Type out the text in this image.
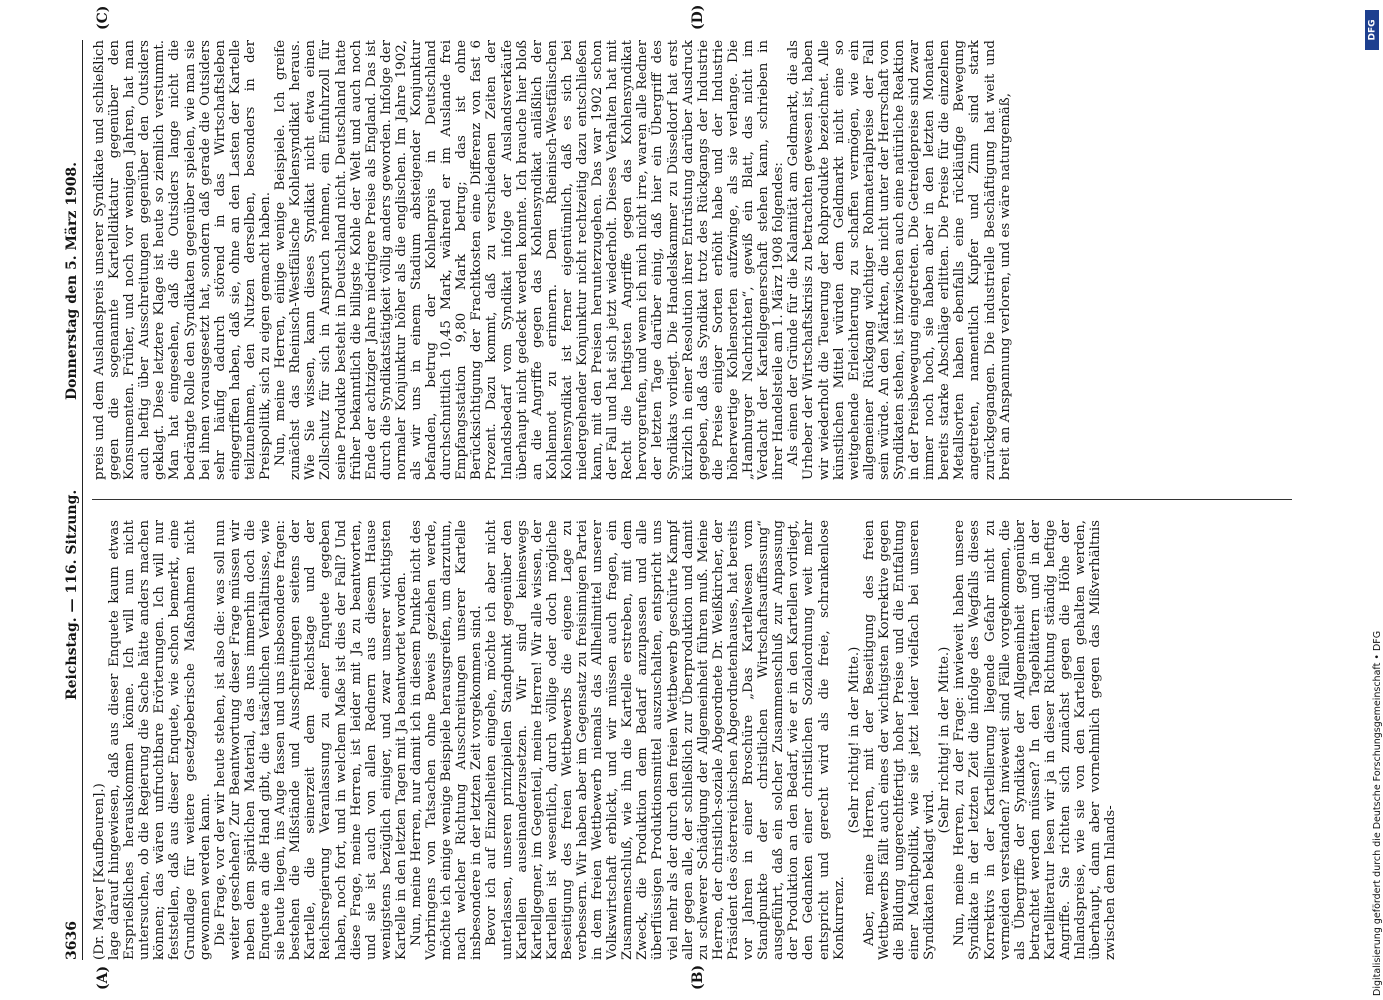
3636
Reichstag. — 116. Sitzung.
Donnerstag den 5. März 1908.
(A)	(B)
(C)	(D)

(Dr. Mayer [Kaufbeuren].) lage darauf hingewiesen, daß aus dieser Enquete kaum etwas Ersprießliches herauskommen könne. Ich will nun nicht untersuchen, ob die Regierung die Sache hätte anders machen können; das wären unfruchtbare Erörterungen. Ich will nur feststellen, daß aus dieser Enquete, wie schon bemerkt, eine Grundlage für weitere gesetzgeberische Maßnahmen nicht gewonnen werden kann. Die Frage, vor der wir heute stehen, ist also die: was soll nun weiter geschehen? Zur Beantwortung dieser Frage müssen wir neben dem spärlichen Material, das uns immerhin doch die Enquete an die Hand gibt, die tatsächlichen Verhältnisse, wie sie heute liegen, ins Auge fassen und uns insbesondere fragen: bestehen die Mißstände und Ausschreitungen seitens der Kartelle, die seinerzeit dem Reichstage und der Reichsregierung Veranlassung zu einer Enquete gegeben haben, noch fort, und in welchem Maße ist dies der Fall? Und diese Frage, meine Herren, ist leider mit Ja zu beantworten, und sie ist auch von allen Rednern aus diesem Hause wenigstens bezüglich einiger, und zwar unserer wichtigsten Kartelle in den letzten Tagen mit Ja beantwortet worden. Nun, meine Herren, nur damit ich in diesem Punkte nicht des Vorbringens von Tatsachen ohne Beweis geziehen werde, möchte ich einige wenige Beispiele herausgreifen, um darzutun, nach welcher Richtung Ausschreitungen unserer Kartelle insbesondere in der letzten Zeit vorgekommen sind. Bevor ich auf Einzelheiten eingehe, möchte ich aber nicht unterlassen, unseren prinzipiellen Standpunkt gegenüber den Kartellen auseinanderzusetzen. Wir sind keineswegs Kartellgegner, im Gegenteil, meine Herren! Wir alle wissen, der Kartellen ist wesentlich, durch völlige oder doch mögliche Beseitigung des freien Wettbewerbs die eigene Lage zu verbessern. Wir haben aber im Gegensatz zu freisinnigen Partei in dem freien Wettbewerb niemals das Allheilmittel unserer Volkswirtschaft erblickt, und wir müssen auch fragen, ein Zusammenschluß, wie ihn die Kartelle erstreben, mit dem Zweck, die Produktion dem Bedarf anzupassen und alle überflüssigen Produktionsmittel auszuschalten, entspricht uns viel mehr als der durch den freien Wettbewerb geschürte Kampf aller gegen alle, der schließlich zur Überproduktion und damit zu schwerer Schädigung der Allgemeinheit führen muß. Meine Herren, der christlich-soziale Abgeordnete Dr. Weißkircher, der Präsident des österreichischen Abgeordnetenhauses, hat bereits vor Jahren in einer Broschüre „Das Kartellwesen vom Standpunkte der christlichen Wirtschaftsauffassung“ ausgeführt, daß ein solcher Zusammenschluß zur Anpassung der Produktion an den Bedarf, wie er in den Kartellen vorliegt, den Gedanken einer christlichen Sozialordnung weit mehr entspricht und gerecht wird als die freie, schrankenlose Konkurrenz.

(Sehr richtig! in der Mitte.) Aber, meine Herren, mit der Beseitigung des freien Wettbewerbs fällt auch eines der wichtigsten Korrektive gegen die Bildung ungerechtfertigt hoher Preise und die Entfaltung einer Machtpolitik, wie sie jetzt leider vielfach bei unseren Syndikaten beklagt wird.

(Sehr richtig! in der Mitte.) Nun, meine Herren, zu der Frage: inwieweit haben unsere Syndikate in der letzten Zeit die infolge des Wegfalls dieses Korrektivs in der Kartellierung liegende Gefahr nicht zu vermeiden verstanden? inwieweit sind Fälle vorgekommen, die als Übergriffe der Syndikate der Allgemeinheit gegenüber betrachtet werden müssen? In den Tageblättern und in der Kartelliteratur lesen wir ja in dieser Richtung ständig heftige Angriffe. Sie richten sich zunächst gegen die Höhe der Inlandspreise, wie sie von den Kartellen gehalten werden, überhaupt, dann aber vornehmlich gegen das Mißverhältnis zwischen dem Inlands-

preis und dem Auslandspreis unserer Syndikate und schließlich gegen die sogenannte Kartelldiktatur gegenüber den Konsumenten. Früher, und noch vor wenigen Jahren, hat man auch heftig über Ausschreitungen gegenüber den Outsiders geklagt. Diese letztere Klage ist heute so ziemlich verstummt. Man hat eingesehen, daß die Outsiders lange nicht die bedrängte Rolle den Syndikaten gegenüber spielen, wie man sie bei ihnen vorausgesetzt hat, sondern daß gerade die Outsiders sehr häufig dadurch störend in das Wirtschaftsleben eingegriffen haben, daß sie, ohne an den Lasten der Kartelle teilzunehmen, den Nutzen derselben, besonders in der Preispolitik, sich zu eigen gemacht haben. Nun, meine Herren, einige wenige Beispiele. Ich greife zunächst das Rheinisch-Westfälische Kohlensyndikat heraus. Wie Sie wissen, kann dieses Syndikat nicht etwa einen Zollschutz für sich in Anspruch nehmen, ein Einfuhrzoll für seine Produkte besteht in Deutschland nicht. Deutschland hatte früher bekanntlich die billigste Kohle der Welt und auch noch Ende der achtziger Jahre niedrigere Preise als England. Das ist durch die Syndikatstätigkeit völlig anders geworden. Infolge der normaler Konjunktur höher als die englischen. Im Jahre 1902, als wir uns in einem Stadium absteigender Konjunktur befanden, betrug der Kohlenpreis in Deutschland durchschnittlich 10,45 Mark, während er im Auslande frei Empfangsstation 9,80 Mark betrug; das ist ohne Berücksichtigung der Frachtkosten eine Differenz von fast 6 Prozent. Dazu kommt, daß zu verschiedenen Zeiten der Inlandsbedarf vom Syndikat infolge der Auslandsverkäufe überhaupt nicht gedeckt werden konnte. Ich brauche hier bloß an die Angriffe gegen das Kohlensyndikat anläßlich der Kohlennot zu erinnern. Dem Rheinisch-Westfälischen Kohlensyndikat ist ferner eigentümlich, daß es sich bei niedergehender Konjunktur nicht rechtzeitig dazu entschließen kann, mit den Preisen herunterzugehen. Das war 1902 schon der Fall und hat sich jetzt wiederholt. Dieses Verhalten hat mit Recht die heftigsten Angriffe gegen das Kohlensyndikat hervorgerufen, und wenn ich mich nicht irre, waren alle Redner der letzten Tage darüber einig, daß hier ein Übergriff des Syndikats vorliegt. Die Handelskammer zu Düsseldorf hat erst kürzlich in einer Resolution ihrer Entrüstung darüber Ausdruck gegeben, daß das Syndikat trotz des Rückgangs der Industrie die Preise einiger Sorten erhöht habe und der Industrie höherwertige Kohlensorten aufzwinge, als sie verlange. Die „Hamburger Nachrichten“, gewiß ein Blatt, das nicht im Verdacht der Kartellgegnerschaft stehen kann, schrieben in ihrer Handelsteile am 1. März 1908 folgendes: Als einen der Gründe für die Kalamität am Geldmarkt, die als Urheber der Wirtschaftskrisis zu betrachten gewesen ist, haben wir wiederholt die Teuerung der Rohprodukte bezeichnet. Alle künstlichen Mittel würden dem Geldmarkt nicht eine so weitgehende Erleichterung zu schaffen vermögen, wie ein allgemeiner Rückgang wichtiger Rohmaterialpreise der Fall sein würde. An den Märkten, die nicht unter der Herrschaft von Syndikaten stehen, ist inzwischen auch eine natürliche Reaktion in der Preisbewegung eingetreten. Die Getreidepreise sind zwar immer noch hoch, sie haben aber in den letzten Monaten bereits starke Abschläge erlitten. Die Preise für die einzelnen Metallsorten haben ebenfalls eine rückläufige Bewegung angetreten, namentlich Kupfer und Zinn sind stark zurückgegangen. Die industrielle Beschäftigung hat weit und breit an Anspannung verloren, und es wäre naturgemäß,

DFG
Digitalisierung gefördert durch die Deutsche Forschungsgemeinschaft • DFG
